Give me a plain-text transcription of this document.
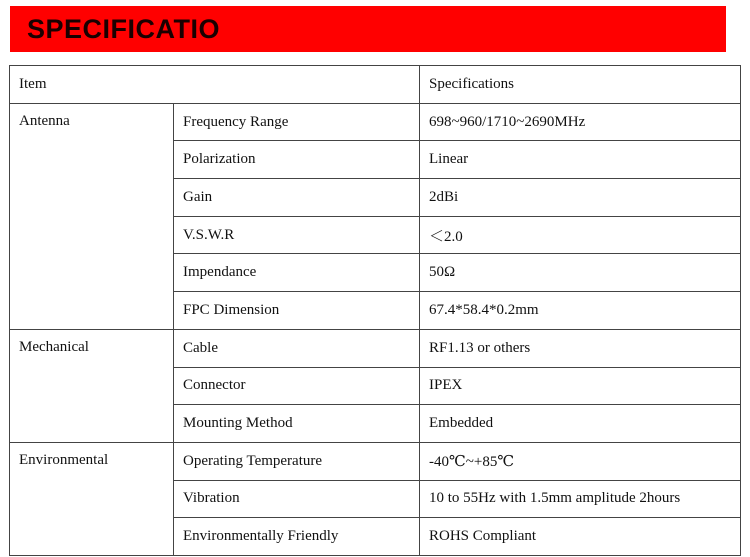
SPECIFICATIO
Item		Specifications
Antenna	Frequency Range	698~960/1710~2690MHz
	Polarization	Linear
	Gain	2dBi
	V.S.W.R	＜2.0
	Impendance	50Ω
	FPC Dimension	67.4*58.4*0.2mm
Mechanical	Cable	RF1.13 or others
	Connector	IPEX
	Mounting Method	Embedded
Environmental	Operating Temperature	-40℃~+85℃
	Vibration	10 to 55Hz with 1.5mm amplitude 2hours
	Environmentally Friendly	ROHS Compliant
